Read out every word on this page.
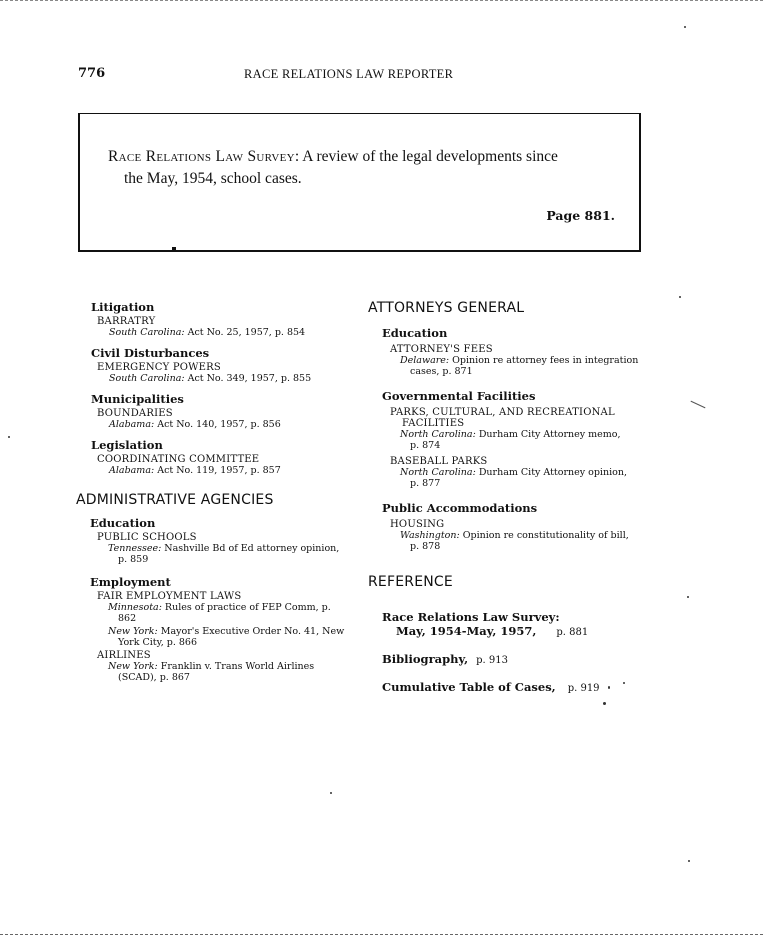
776	RACE RELATIONS LAW REPORTER
Race Relations Law Survey: A review of the legal developments since
the May, 1954, school cases.
Page 881.
Litigation
BARRATRY

South Carolina: Act No. 25, 1957, p. 854

Civil Disturbances
EMERGENCY POWERS

South Carolina: Act No. 349, 1957, p. 855

Municipalities
BOUNDARIES

Alabama: Act No. 140, 1957, p. 856

Legislation
COORDINATING COMMITTEE

Alabama: Act No. 119, 1957, p. 857

ADMINISTRATIVE AGENCIES
Education
PUBLIC SCHOOLS

Tennessee: Nashville Bd of Ed attorney opinion,
p. 859

Employment
FAIR EMPLOYMENT LAWS

Minnesota: Rules of practice of FEP Comm, p.
862

New York: Mayor's Executive Order No. 41, New
York City, p. 866

AIRLINES

New York: Franklin v. Trans World Airlines
(SCAD), p. 867

ATTORNEYS GENERAL
Education
ATTORNEY'S FEES

Delaware: Opinion re attorney fees in integration
cases, p. 871

Governmental Facilities
PARKS, CULTURAL, AND RECREATIONAL
FACILITIES

North Carolina: Durham City Attorney memo,
p. 874

BASEBALL PARKS

North Carolina: Durham City Attorney opinion,
p. 877

Public Accommodations
HOUSING

Washington: Opinion re constitutionality of bill,
p. 878

REFERENCE

Race Relations Law Survey:

May, 1954-May, 1957, p. 881

Bibliography, p. 913

Cumulative Table of Cases, p. 919
